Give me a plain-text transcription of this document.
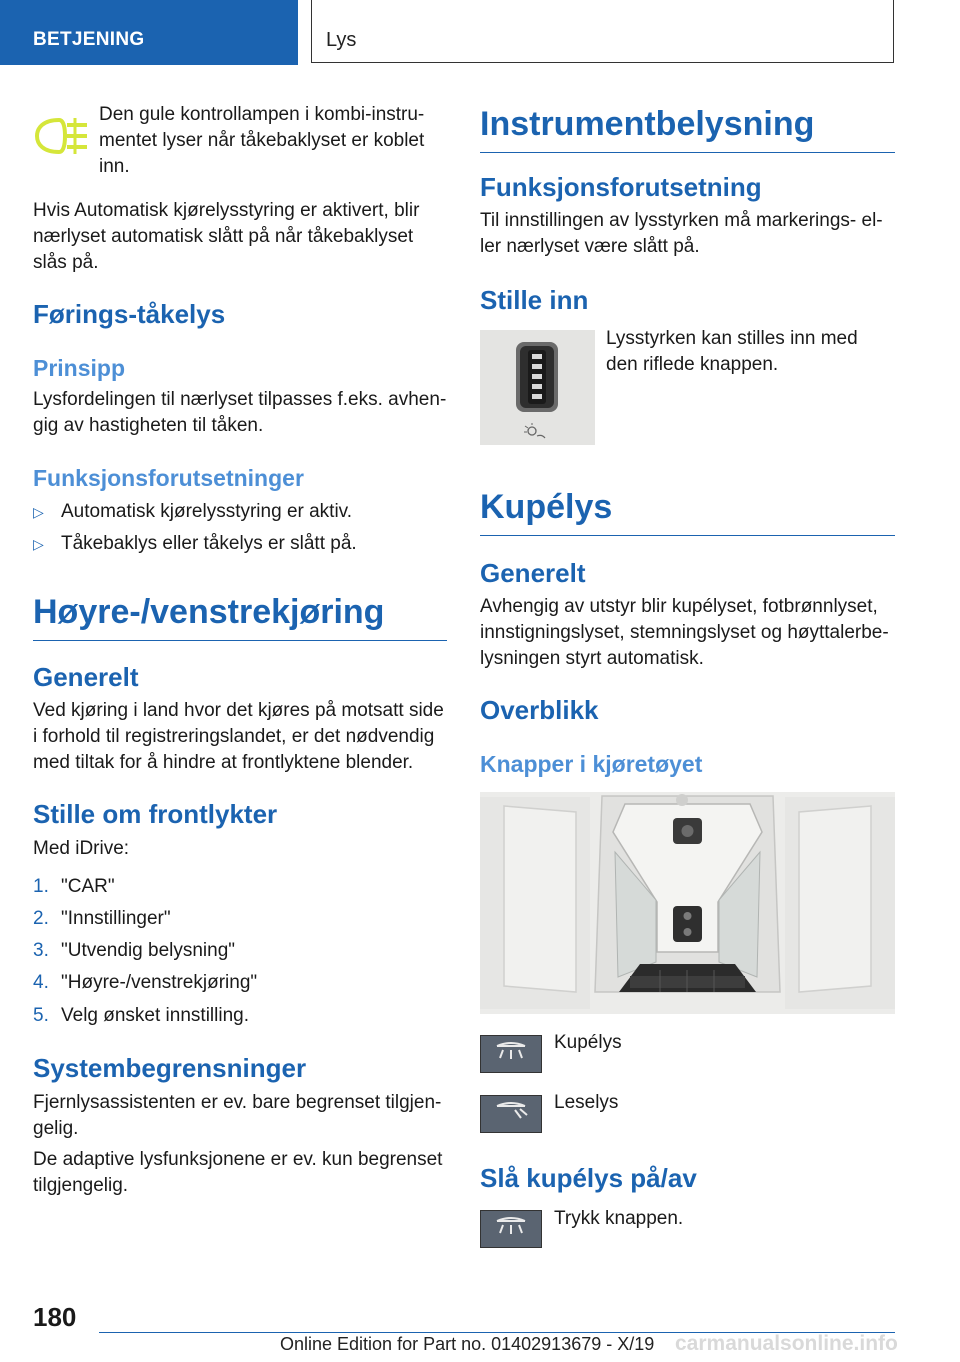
BETJENING	Lys

Den gule kontrollampen i kombi-instru-
mentet lyser når tåkebaklyset er koblet
inn.

Hvis Automatisk kjørelysstyring er aktivert, blir nærlyset automatisk slått på når tåkebaklyset slås på.

Førings-tåkelys
Prinsipp

Lysfordelingen til nærlyset tilpasses f.eks. avhen-gig av hastigheten til tåken.

Funksjonsforutsetninger
▷ Automatisk kjørelysstyring er aktiv.
▷ Tåkebaklys eller tåkelys er slått på.
Høyre-/venstrekjøring
Generelt

Ved kjøring i land hvor det kjøres på motsatt side i forhold til registreringslandet, er det nødvendig med tiltak for å hindre at frontlyktene blender.

Stille om frontlykter

Med iDrive:

1. "CAR"
2. "Innstillinger"
3. "Utvendig belysning"
4. "Høyre-/venstrekjøring"
5. Velg ønsket innstilling.
Systembegrensninger

Fjernlysassistenten er ev. bare begrenset tilgjen-gelig.

De adaptive lysfunksjonene er ev. kun begrenset tilgjengelig.

Instrumentbelysning
Funksjonsforutsetning

Til innstillingen av lysstyrken må markerings- el-ler nærlyset være slått på.

Stille inn

Lysstyrken kan stilles inn med den riflede knappen.

Kupélys
Generelt

Avhengig av utstyr blir kupélyset, fotbrønnlyset, innstigningslyset, stemningslyset og høyttalerbe-lysningen styrt automatisk.

Overblikk
Knapper i kjøretøyet

Kupélys

Leselys

Slå kupélys på/av

Trykk knappen.

180
Online Edition for Part no. 01402913679 - X/19 carmanualsonline.info
